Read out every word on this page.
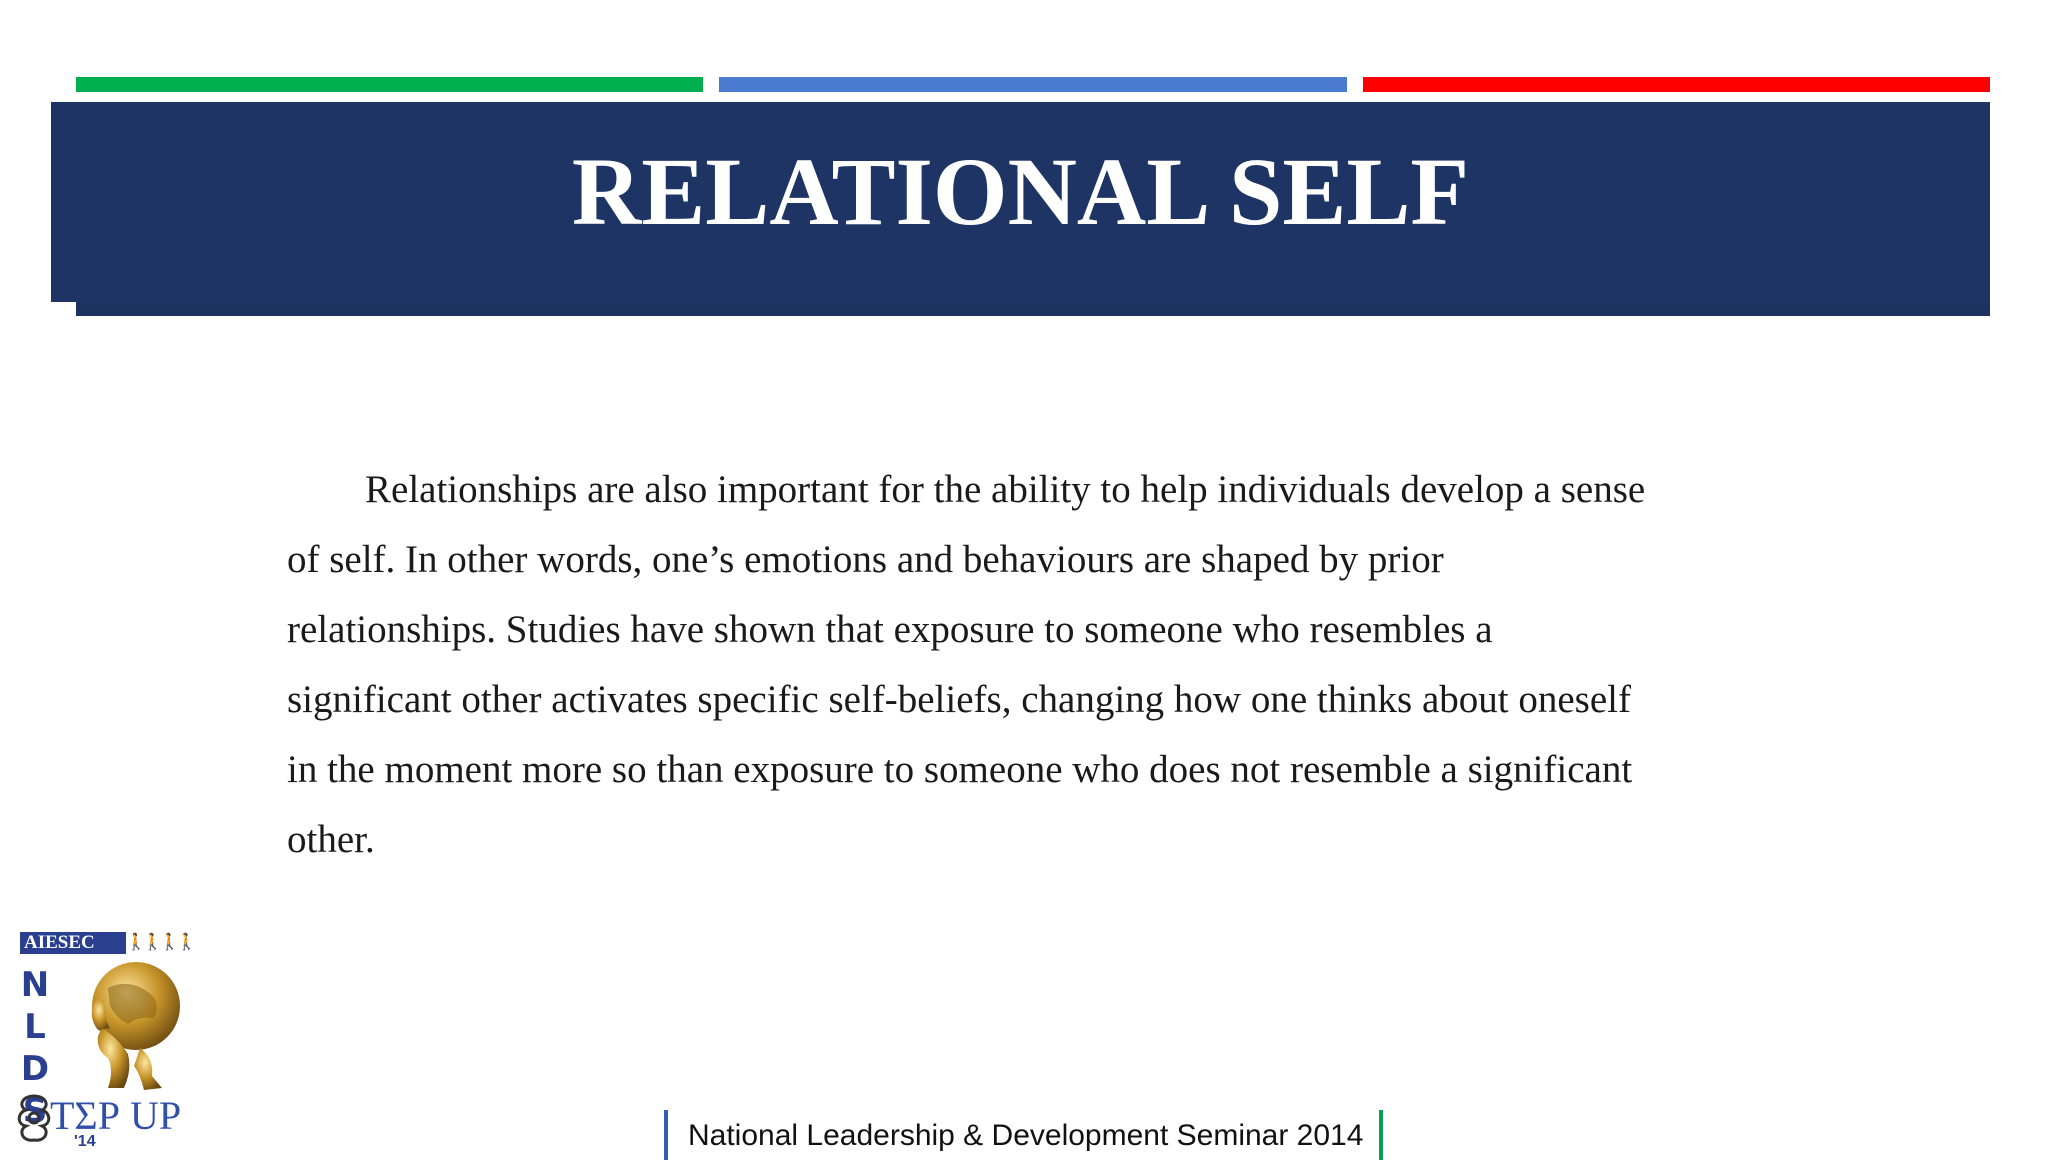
RELATIONAL SELF
Relationships are also important for the ability to help individuals develop a sense
of self. In other words, one’s emotions and behaviours are shaped by prior
relationships. Studies have shown that exposure to someone who resembles a
significant other activates specific self-beliefs, changing how one thinks about oneself
in the moment more so than exposure to someone who does not resemble a significant
other.
AIESEC	🚶🚶🚶🚶
N
L
D
S ΤΣΡ UP
'14	National Leadership & Development Seminar 2014
